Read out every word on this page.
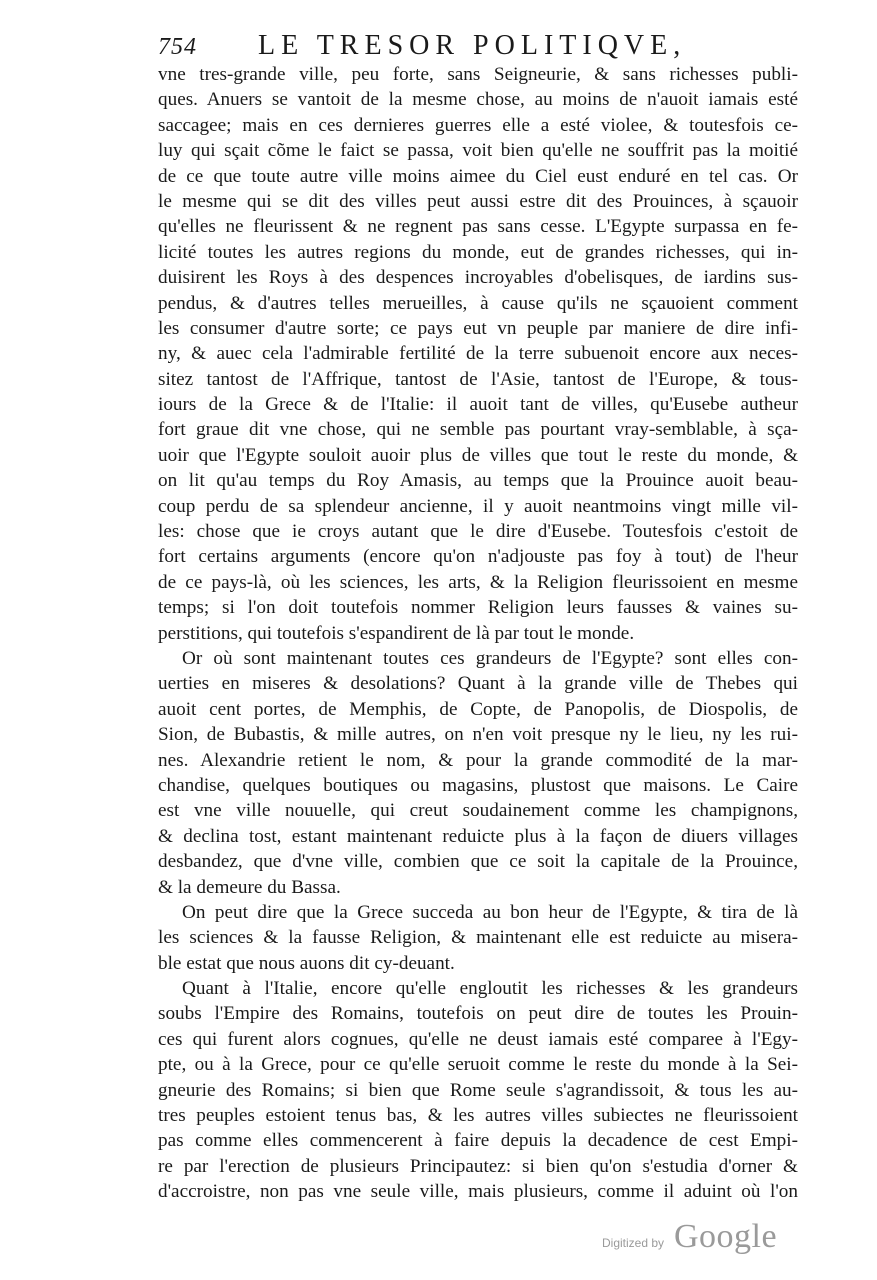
754 LE TRESOR POLITIQVE,
vne tres-grande ville, peu forte, sans Seigneurie, & sans richesses publi-
ques. Anuers se vantoit de la mesme chose, au moins de n'auoit iamais esté
saccagee; mais en ces dernieres guerres elle a esté violee, & toutesfois ce-
luy qui sçait cõme le faict se passa, voit bien qu'elle ne souffrit pas la moitié
de ce que toute autre ville moins aimee du Ciel eust enduré en tel cas. Or
le mesme qui se dit des villes peut aussi estre dit des Prouinces, à sçauoir
qu'elles ne fleurissent & ne regnent pas sans cesse. L'Egypte surpassa en fe-
licité toutes les autres regions du monde, eut de grandes richesses, qui in-
duisirent les Roys à des despences incroyables d'obelisques, de iardins sus-
pendus, & d'autres telles merueilles, à cause qu'ils ne sçauoient comment
les consumer d'autre sorte; ce pays eut vn peuple par maniere de dire infi-
ny, & auec cela l'admirable fertilité de la terre subuenoit encore aux neces-
sitez tantost de l'Affrique, tantost de l'Asie, tantost de l'Europe, & tous-
iours de la Grece & de l'Italie: il auoit tant de villes, qu'Eusebe autheur
fort graue dit vne chose, qui ne semble pas pourtant vray-semblable, à sça-
uoir que l'Egypte souloit auoir plus de villes que tout le reste du monde, &
on lit qu'au temps du Roy Amasis, au temps que la Prouince auoit beau-
coup perdu de sa splendeur ancienne, il y auoit neantmoins vingt mille vil-
les: chose que ie croys autant que le dire d'Eusebe. Toutesfois c'estoit de
fort certains arguments (encore qu'on n'adjouste pas foy à tout) de l'heur
de ce pays-là, où les sciences, les arts, & la Religion fleurissoient en mesme
temps; si l'on doit toutefois nommer Religion leurs fausses & vaines su-
perstitions, qui toutefois s'espandirent de là par tout le monde.
Or où sont maintenant toutes ces grandeurs de l'Egypte? sont elles con-
uerties en miseres & desolations? Quant à la grande ville de Thebes qui
auoit cent portes, de Memphis, de Copte, de Panopolis, de Diospolis, de
Sion, de Bubastis, & mille autres, on n'en voit presque ny le lieu, ny les rui-
nes. Alexandrie retient le nom, & pour la grande commodité de la mar-
chandise, quelques boutiques ou magasins, plustost que maisons. Le Caire
est vne ville nouuelle, qui creut soudainement comme les champignons,
& declina tost, estant maintenant reduicte plus à la façon de diuers villages
desbandez, que d'vne ville, combien que ce soit la capitale de la Prouince,
& la demeure du Bassa.
On peut dire que la Grece succeda au bon heur de l'Egypte, & tira de là
les sciences & la fausse Religion, & maintenant elle est reduicte au misera-
ble estat que nous auons dit cy-deuant.
Quant à l'Italie, encore qu'elle engloutit les richesses & les grandeurs
soubs l'Empire des Romains, toutefois on peut dire de toutes les Prouin-
ces qui furent alors cognues, qu'elle ne deust iamais esté comparee à l'Egy-
pte, ou à la Grece, pour ce qu'elle seruoit comme le reste du monde à la Sei-
gneurie des Romains; si bien que Rome seule s'agrandissoit, & tous les au-
tres peuples estoient tenus bas, & les autres villes subiectes ne fleurissoient
pas comme elles commencerent à faire depuis la decadence de cest Empi-
re par l'erection de plusieurs Principautez: si bien qu'on s'estudia d'orner &
d'accroistre, non pas vne seule ville, mais plusieurs, comme il aduint où l'on
Digitized by Google
